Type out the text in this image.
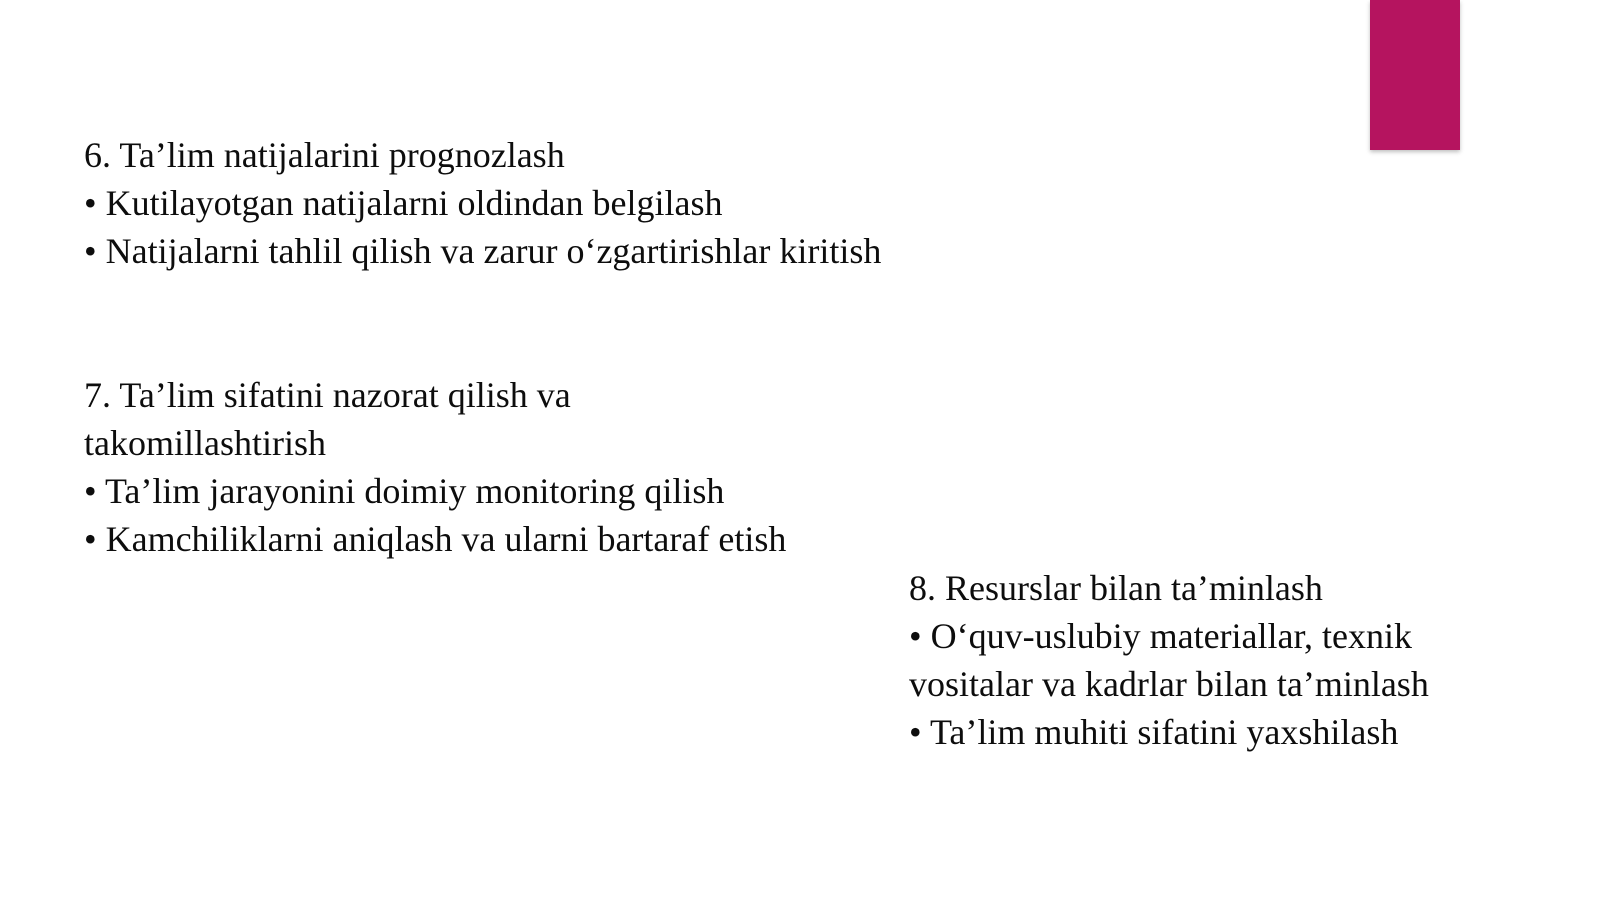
6. Ta’lim natijalarini prognozlash

• Kutilayotgan natijalarni oldindan belgilash

• Natijalarni tahlil qilish va zarur o‘zgartirishlar kiritish

7. Ta’lim sifatini nazorat qilish va takomillashtirish

• Ta’lim jarayonini doimiy monitoring qilish

• Kamchiliklarni aniqlash va ularni bartaraf etish

8. Resurslar bilan ta’minlash

• O‘quv-uslubiy materiallar, texnik vositalar va kadrlar bilan ta’minlash

• Ta’lim muhiti sifatini yaxshilash
